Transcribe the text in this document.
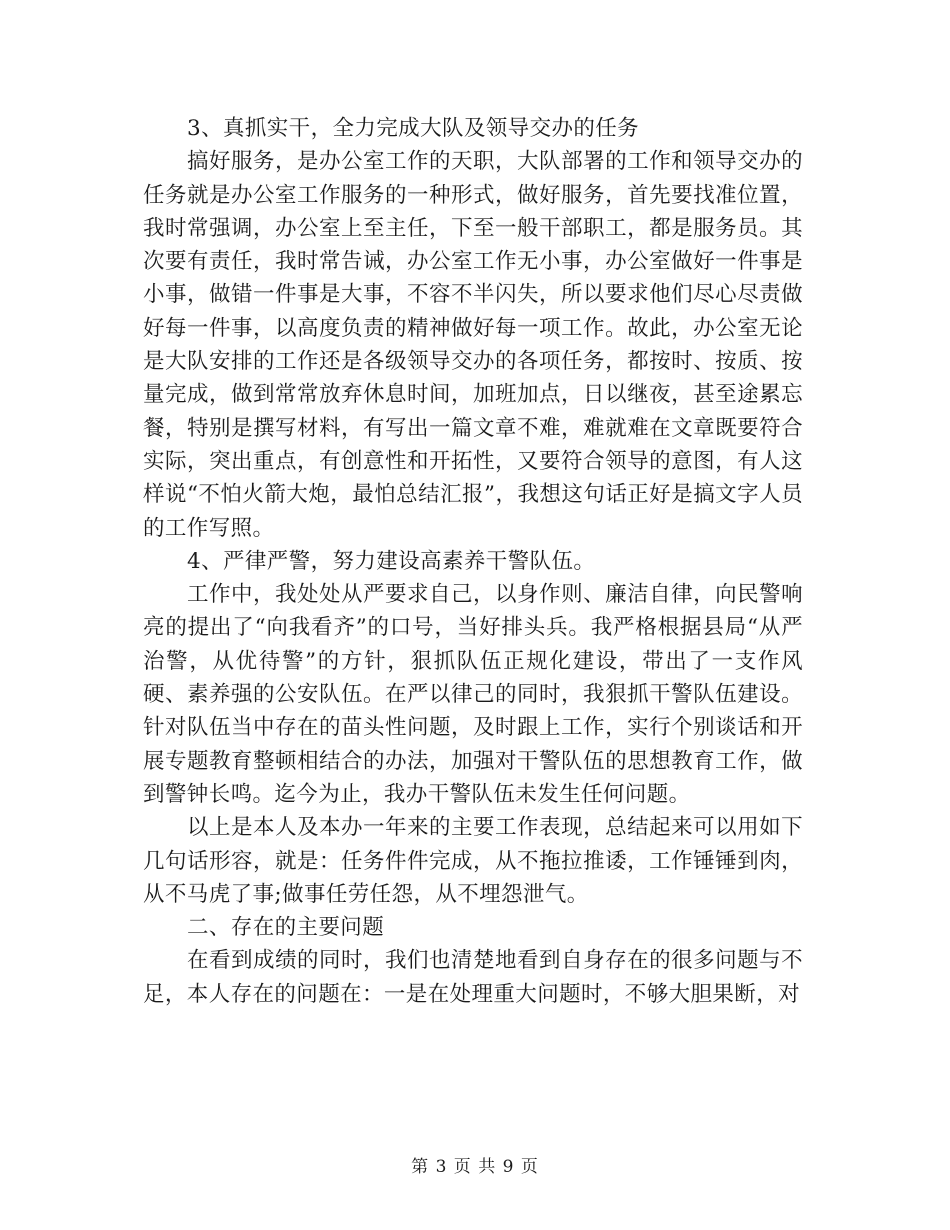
3、真抓实干，全力完成大队及领导交办的任务

搞好服务，是办公室工作的天职，大队部署的工作和领导交办的任务就是办公室工作服务的一种形式，做好服务，首先要找准位置，我时常强调，办公室上至主任，下至一般干部职工，都是服务员。其次要有责任，我时常告诫，办公室工作无小事，办公室做好一件事是小事，做错一件事是大事，不容不半闪失，所以要求他们尽心尽责做好每一件事，以高度负责的精神做好每一项工作。故此，办公室无论是大队安排的工作还是各级领导交办的各项任务，都按时、按质、按量完成，做到常常放弃休息时间，加班加点，日以继夜，甚至途累忘餐，特别是撰写材料，有写出一篇文章不难，难就难在文章既要符合实际，突出重点，有创意性和开拓性，又要符合领导的意图，有人这样说“不怕火箭大炮，最怕总结汇报”，我想这句话正好是搞文字人员的工作写照。

4、严律严警，努力建设高素养干警队伍。

工作中，我处处从严要求自己，以身作则、廉洁自律，向民警响亮的提出了“向我看齐”的口号，当好排头兵。我严格根据县局“从严治警，从优待警”的方针，狠抓队伍正规化建设，带出了一支作风硬、素养强的公安队伍。在严以律己的同时，我狠抓干警队伍建设。针对队伍当中存在的苗头性问题，及时跟上工作，实行个别谈话和开展专题教育整顿相结合的办法，加强对干警队伍的思想教育工作，做到警钟长鸣。迄今为止，我办干警队伍未发生任何问题。

以上是本人及本办一年来的主要工作表现，总结起来可以用如下几句话形容，就是：任务件件完成，从不拖拉推诿，工作锤锤到肉，从不马虎了事;做事任劳任怨，从不埋怨泄气。

二、存在的主要问题

在看到成绩的同时，我们也清楚地看到自身存在的很多问题与不足，本人存在的问题在：一是在处理重大问题时，不够大胆果断，对

第 3 页 共 9 页
